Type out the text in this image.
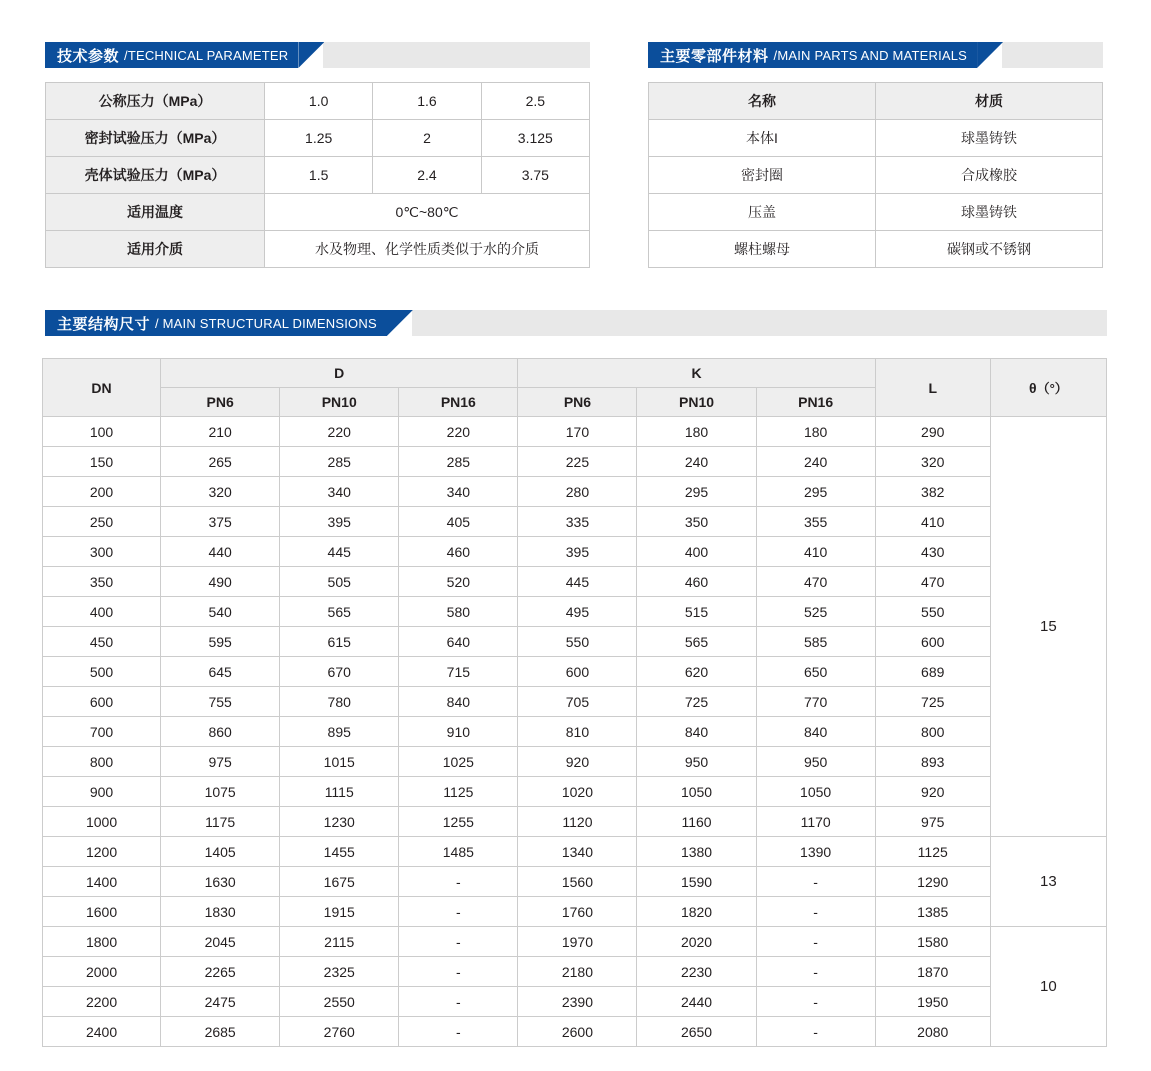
技术参数 /TECHNICAL PARAMETER
公称压力（MPa）	1.0	1.6	2.5
密封试验压力（MPa）	1.25	2	3.125
壳体试验压力（MPa）	1.5	2.4	3.75
适用温度	0℃~80℃		
适用介质	水及物理、化学性质类似于水的介质		
主要零部件材料 /MAIN PARTS AND MATERIALS
名称	材质
本体I	球墨铸铁
密封圈	合成橡胶
压盖	球墨铸铁
螺柱螺母	碳钢或不锈钢
主要结构尺寸 / MAIN STRUCTURAL DIMENSIONS
DN	D			K			L	θ（°）
	PN6	PN10	PN16	PN6	PN10	PN16		
100	210	220	220	170	180	180	290	15
150	265	285	285	225	240	240	320	
200	320	340	340	280	295	295	382	
250	375	395	405	335	350	355	410	
300	440	445	460	395	400	410	430	
350	490	505	520	445	460	470	470	
400	540	565	580	495	515	525	550	
450	595	615	640	550	565	585	600	
500	645	670	715	600	620	650	689	
600	755	780	840	705	725	770	725	
700	860	895	910	810	840	840	800	
800	975	1015	1025	920	950	950	893	
900	1075	1115	1125	1020	1050	1050	920	
1000	1175	1230	1255	1120	1160	1170	975	
1200	1405	1455	1485	1340	1380	1390	1125	13
1400	1630	1675	-	1560	1590	-	1290	
1600	1830	1915	-	1760	1820	-	1385	
1800	2045	2115	-	1970	2020	-	1580	10
2000	2265	2325	-	2180	2230	-	1870	
2200	2475	2550	-	2390	2440	-	1950	
2400	2685	2760	-	2600	2650	-	2080	
